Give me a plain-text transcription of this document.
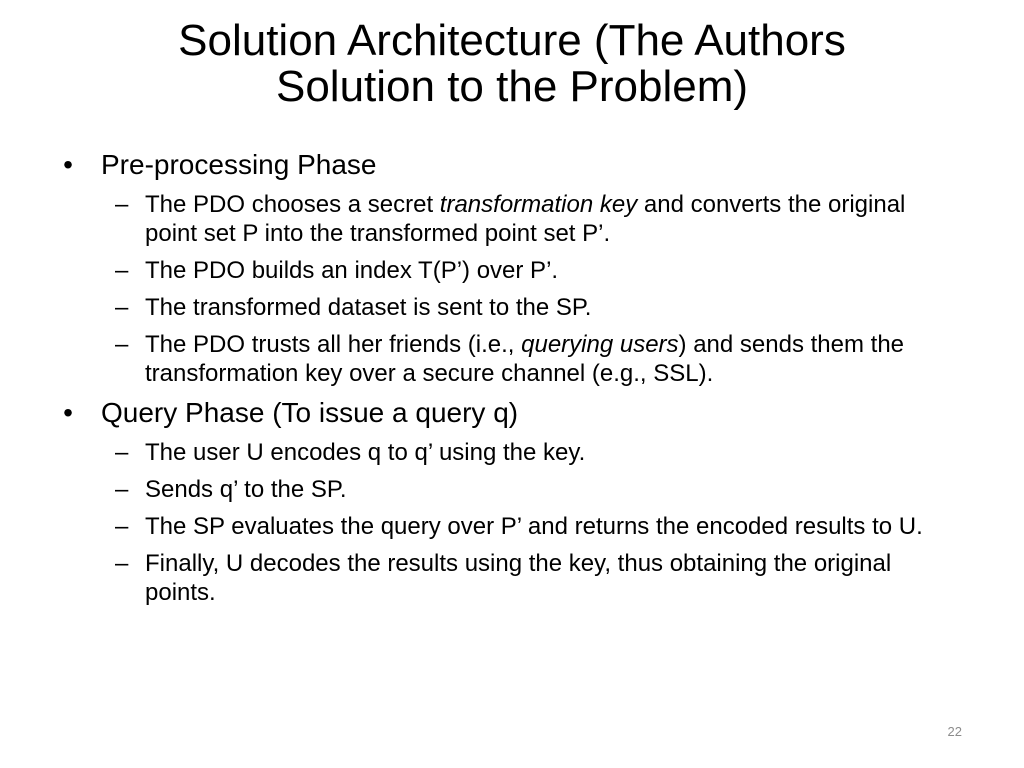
Solution Architecture (The Authors
Solution to the Problem)
• Pre-processing Phase
– The PDO chooses a secret transformation key and converts the original point set P into the transformed point set P’.
– The PDO builds an index T(P’) over P’.
– The transformed dataset is sent to the SP.
– The PDO trusts all her friends (i.e., querying users) and sends them the transformation key over a secure channel (e.g., SSL).
• Query Phase (To issue a query q)
– The user U encodes q to q’ using the key.
– Sends q’ to the SP.
– The SP evaluates the query over P’ and returns the encoded results to U.
– Finally, U decodes the results using the key, thus obtaining the original points.
22
